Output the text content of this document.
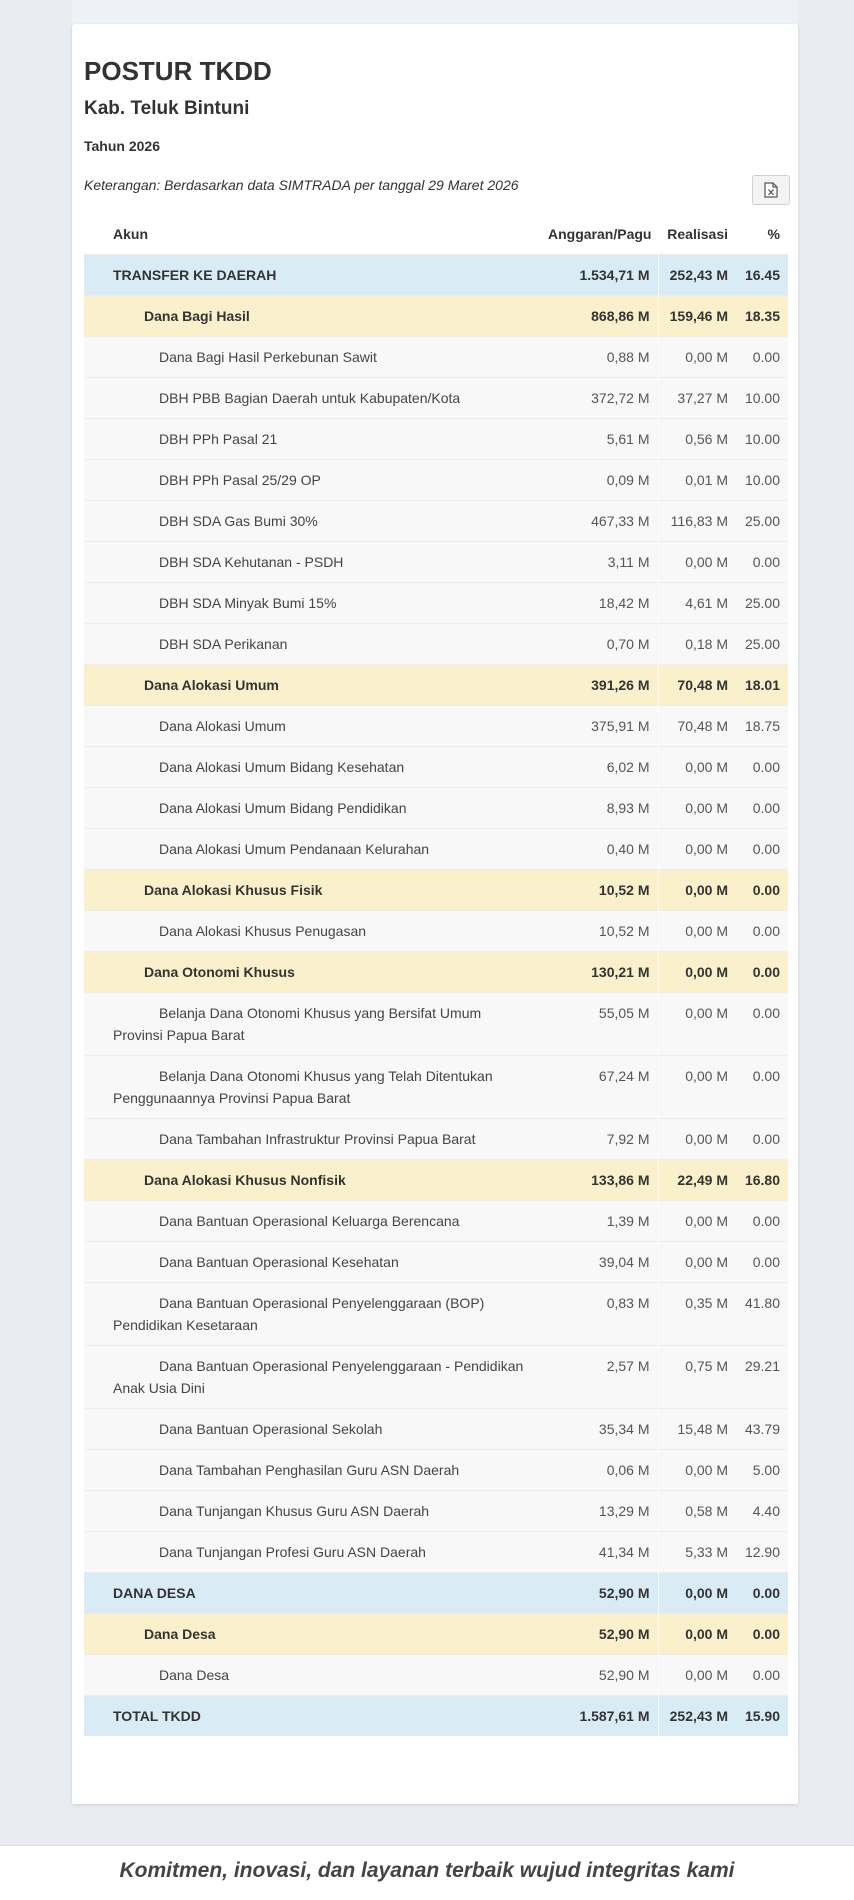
POSTUR TKDD
Kab. Teluk Bintuni
Tahun 2026
Keterangan: Berdasarkan data SIMTRADA per tanggal 29 Maret 2026
Akun	Anggaran/Pagu	Realisasi	%
TRANSFER KE DAERAH	1.534,71 M	252,43 M	16.45
Dana Bagi Hasil	868,86 M	159,46 M	18.35
Dana Bagi Hasil Perkebunan Sawit	0,88 M	0,00 M	0.00
DBH PBB Bagian Daerah untuk Kabupaten/Kota	372,72 M	37,27 M	10.00
DBH PPh Pasal 21	5,61 M	0,56 M	10.00
DBH PPh Pasal 25/29 OP	0,09 M	0,01 M	10.00
DBH SDA Gas Bumi 30%	467,33 M	116,83 M	25.00
DBH SDA Kehutanan - PSDH	3,11 M	0,00 M	0.00
DBH SDA Minyak Bumi 15%	18,42 M	4,61 M	25.00
DBH SDA Perikanan	0,70 M	0,18 M	25.00
Dana Alokasi Umum	391,26 M	70,48 M	18.01
Dana Alokasi Umum	375,91 M	70,48 M	18.75
Dana Alokasi Umum Bidang Kesehatan	6,02 M	0,00 M	0.00
Dana Alokasi Umum Bidang Pendidikan	8,93 M	0,00 M	0.00
Dana Alokasi Umum Pendanaan Kelurahan	0,40 M	0,00 M	0.00
Dana Alokasi Khusus Fisik	10,52 M	0,00 M	0.00
Dana Alokasi Khusus Penugasan	10,52 M	0,00 M	0.00
Dana Otonomi Khusus	130,21 M	0,00 M	0.00
Belanja Dana Otonomi Khusus yang Bersifat Umum Provinsi Papua Barat	55,05 M	0,00 M	0.00
Belanja Dana Otonomi Khusus yang Telah Ditentukan Penggunaannya Provinsi Papua Barat	67,24 M	0,00 M	0.00
Dana Tambahan Infrastruktur Provinsi Papua Barat	7,92 M	0,00 M	0.00
Dana Alokasi Khusus Nonfisik	133,86 M	22,49 M	16.80
Dana Bantuan Operasional Keluarga Berencana	1,39 M	0,00 M	0.00
Dana Bantuan Operasional Kesehatan	39,04 M	0,00 M	0.00
Dana Bantuan Operasional Penyelenggaraan (BOP) Pendidikan Kesetaraan	0,83 M	0,35 M	41.80
Dana Bantuan Operasional Penyelenggaraan - Pendidikan Anak Usia Dini	2,57 M	0,75 M	29.21
Dana Bantuan Operasional Sekolah	35,34 M	15,48 M	43.79
Dana Tambahan Penghasilan Guru ASN Daerah	0,06 M	0,00 M	5.00
Dana Tunjangan Khusus Guru ASN Daerah	13,29 M	0,58 M	4.40
Dana Tunjangan Profesi Guru ASN Daerah	41,34 M	5,33 M	12.90
DANA DESA	52,90 M	0,00 M	0.00
Dana Desa	52,90 M	0,00 M	0.00
Dana Desa	52,90 M	0,00 M	0.00
TOTAL TKDD	1.587,61 M	252,43 M	15.90
Komitmen, inovasi, dan layanan terbaik wujud integritas kami
